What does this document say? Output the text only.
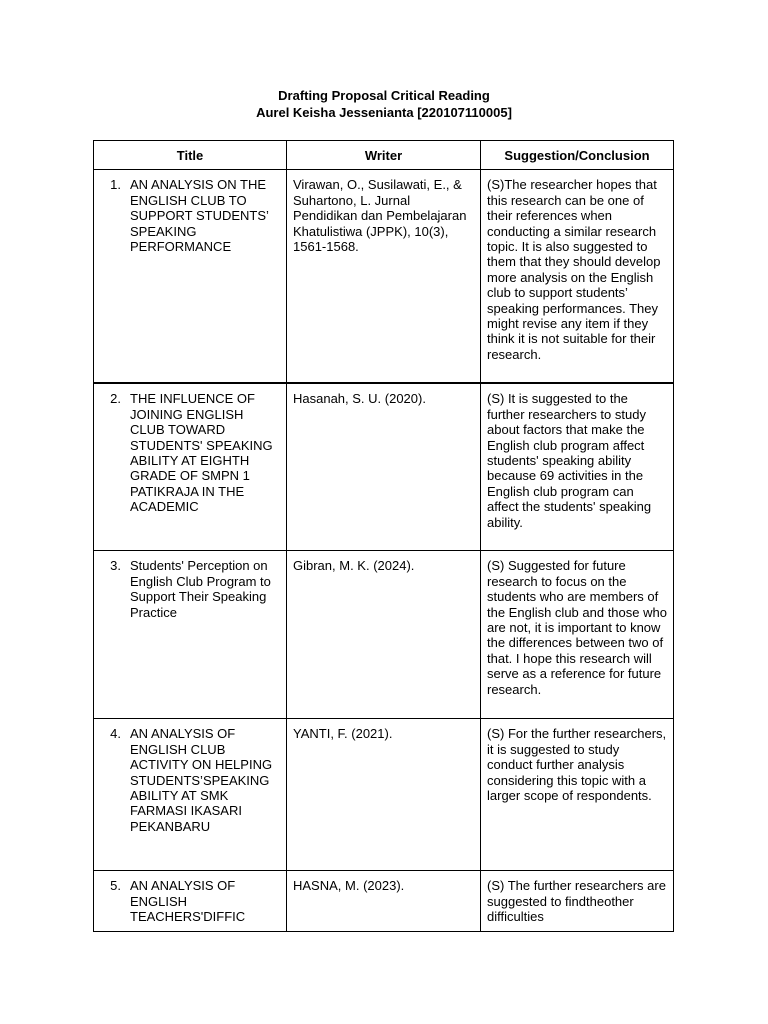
Drafting Proposal Critical Reading
Aurel Keisha Jessenianta [220107110005]
Title	Writer	Suggestion/Conclusion

1. AN ANALYSIS ON THE ENGLISH CLUB TO SUPPORT STUDENTS’ SPEAKING PERFORMANCE	Virawan, O., Susilawati, E., & Suhartono, L. Jurnal Pendidikan dan Pembelajaran Khatulistiwa (JPPK), 10(3), 1561-1568.	(S)The researcher hopes that this research can be one of their references when conducting a similar research topic. It is also suggested to them that they should develop more analysis on the English club to support students’ speaking performances. They might revise any item if they think it is not suitable for their research.

2. THE INFLUENCE OF JOINING ENGLISH CLUB TOWARD STUDENTS' SPEAKING ABILITY AT EIGHTH GRADE OF SMPN 1 PATIKRAJA IN THE ACADEMIC	Hasanah, S. U. (2020).	(S) It is suggested to the further researchers to study about factors that make the English club program affect students' speaking ability because 69 activities in the English club program can affect the students' speaking ability.

3. Students' Perception on English Club Program to Support Their Speaking Practice	Gibran, M. K. (2024).	(S) Suggested for future research to focus on the students who are members of the English club and those who are not, it is important to know the differences between two of that. I hope this research will serve as a reference for future research.

4. AN ANALYSIS OF ENGLISH CLUB ACTIVITY ON HELPING STUDENTS’SPEAKING ABILITY AT SMK FARMASI IKASARI PEKANBARU	YANTI, F. (2021).	(S) For the further researchers, it is suggested to study conduct further analysis considering this topic with a larger scope of respondents.

5. AN ANALYSIS OF ENGLISH TEACHERS'DIFFIC	HASNA, M. (2023).	(S) The further researchers are suggested to findtheother difficulties
